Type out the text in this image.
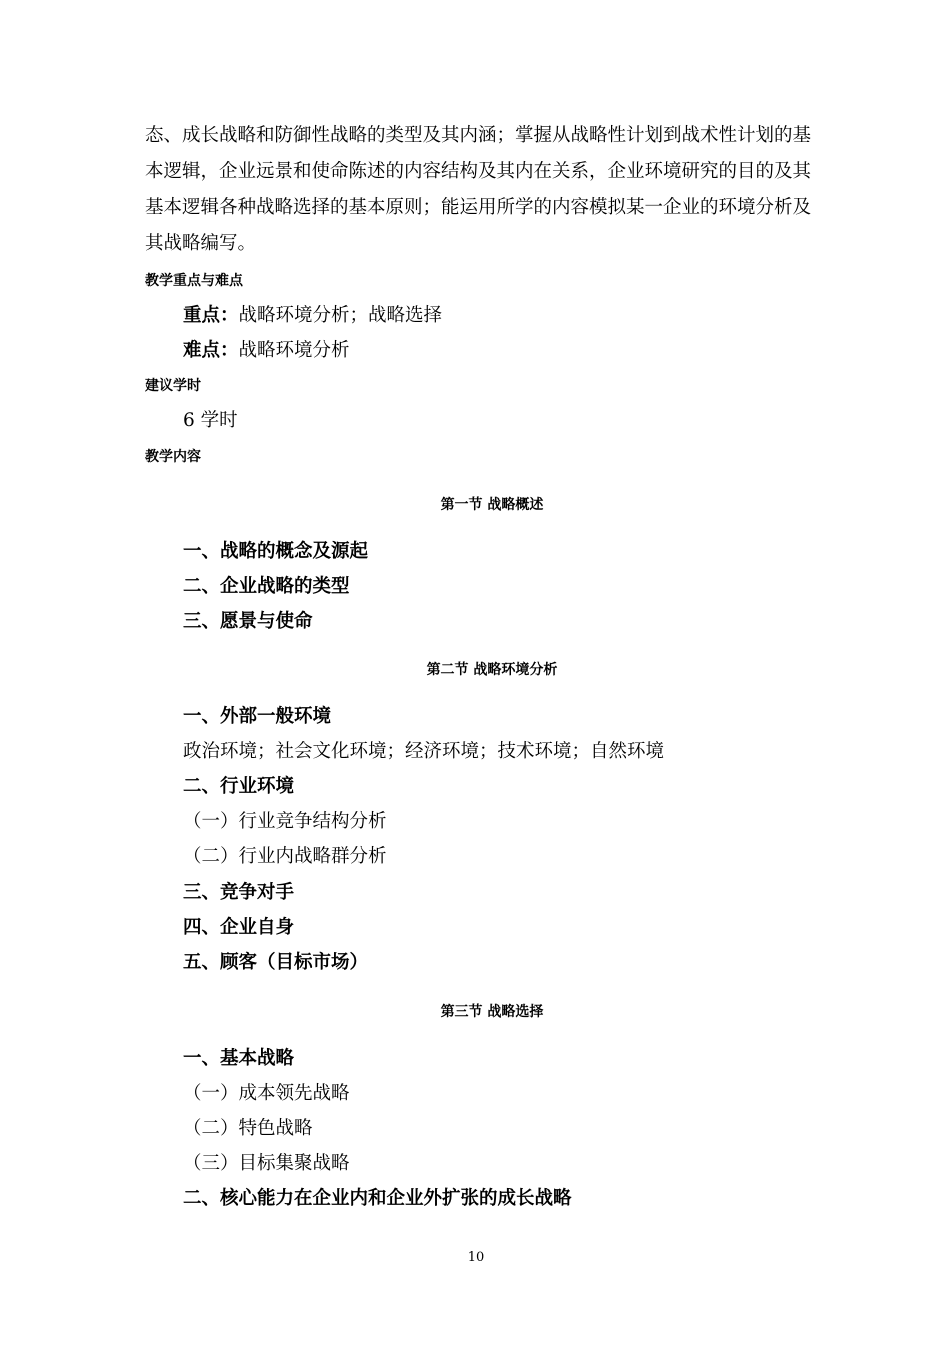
态、成长战略和防御性战略的类型及其内涵；掌握从战略性计划到战术性计划的基本逻辑，企业远景和使命陈述的内容结构及其内在关系，企业环境研究的目的及其基本逻辑各种战略选择的基本原则；能运用所学的内容模拟某一企业的环境分析及其战略编写。

教学重点与难点
重点：战略环境分析；战略选择
难点：战略环境分析
建议学时
6 学时
教学内容
第一节 战略概述
一、战略的概念及源起
二、企业战略的类型
三、愿景与使命
第二节 战略环境分析
一、外部一般环境
政治环境；社会文化环境；经济环境；技术环境；自然环境
二、行业环境
（一）行业竞争结构分析
（二）行业内战略群分析
三、竞争对手
四、企业自身
五、顾客（目标市场）
第三节 战略选择
一、基本战略
（一）成本领先战略
（二）特色战略
（三）目标集聚战略
二、核心能力在企业内和企业外扩张的成长战略
10
